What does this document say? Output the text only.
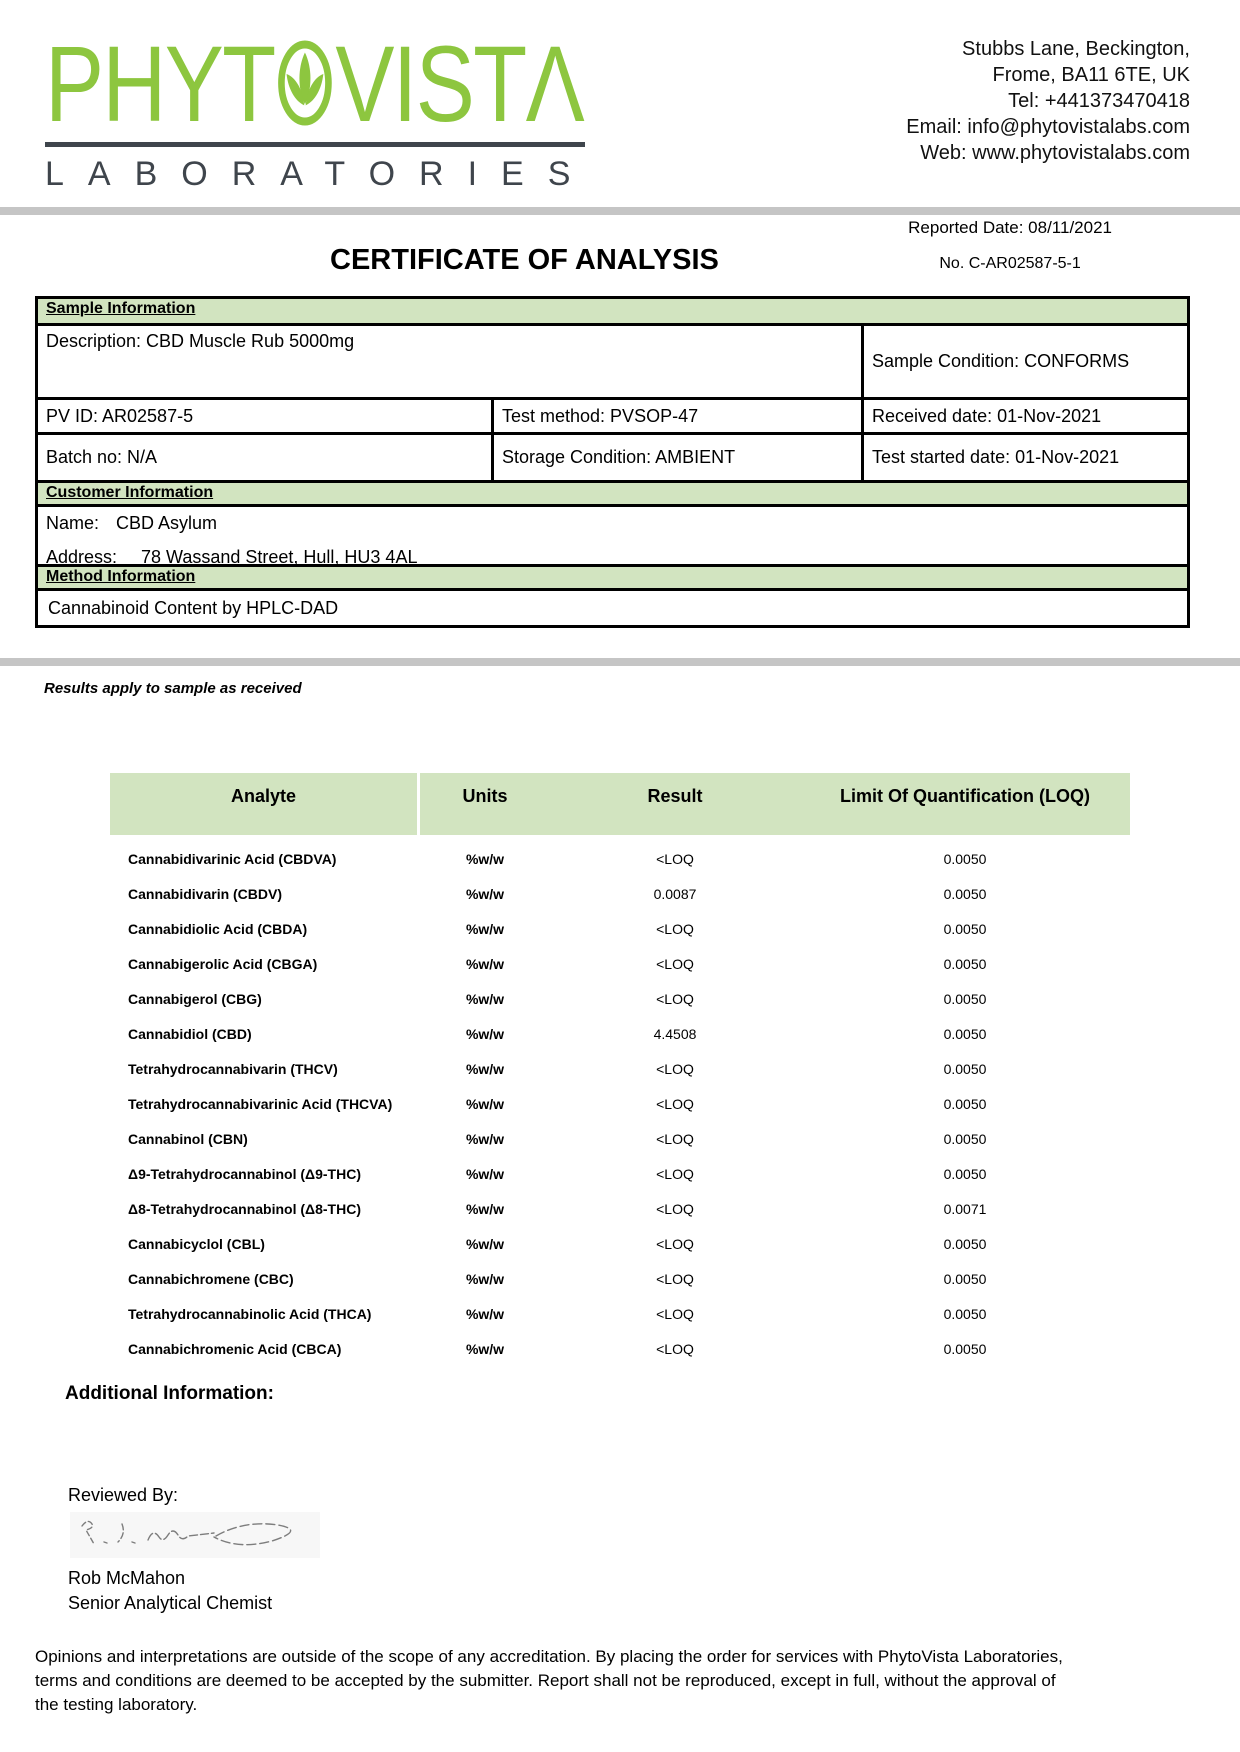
PHYT VISTΛ
LABORATORIES
Stubbs Lane, Beckington,
Frome, BA11 6TE, UK
Tel: +441373470418
Email: info@phytovistalabs.com
Web: www.phytovistalabs.com
Reported Date: 08/11/2021
No. C-AR02587-5-1
CERTIFICATE OF ANALYSIS
Sample Information
Description: CBD Muscle Rub 5000mg
Sample Condition: CONFORMS
PV ID: AR02587-5	Test method: PVSOP-47	Received date: 01-Nov-2021
Batch no: N/A	Storage Condition: AMBIENT	Test started date: 01-Nov-2021
Customer Information
Name: CBD Asylum
Address: 78 Wassand Street, Hull, HU3 4AL
Method Information
Cannabinoid Content by HPLC-DAD
Results apply to sample as received
Analyte	Units	Result	Limit Of Quantification (LOQ)
Cannabidivarinic Acid (CBDVA)	%w/w	<LOQ	0.0050
Cannabidivarin (CBDV)	%w/w	0.0087	0.0050
Cannabidiolic Acid (CBDA)	%w/w	<LOQ	0.0050
Cannabigerolic Acid (CBGA)	%w/w	<LOQ	0.0050
Cannabigerol (CBG)	%w/w	<LOQ	0.0050
Cannabidiol (CBD)	%w/w	4.4508	0.0050
Tetrahydrocannabivarin (THCV)	%w/w	<LOQ	0.0050
Tetrahydrocannabivarinic Acid (THCVA)	%w/w	<LOQ	0.0050
Cannabinol (CBN)	%w/w	<LOQ	0.0050
Δ9-Tetrahydrocannabinol (Δ9-THC)	%w/w	<LOQ	0.0050
Δ8-Tetrahydrocannabinol (Δ8-THC)	%w/w	<LOQ	0.0071
Cannabicyclol (CBL)	%w/w	<LOQ	0.0050
Cannabichromene (CBC)	%w/w	<LOQ	0.0050
Tetrahydrocannabinolic Acid (THCA)	%w/w	<LOQ	0.0050
Cannabichromenic Acid (CBCA)	%w/w	<LOQ	0.0050
Additional Information:
Reviewed By:
Rob McMahon
Senior Analytical Chemist
Opinions and interpretations are outside of the scope of any accreditation. By placing the order for services with PhytoVista Laboratories,
terms and conditions are deemed to be accepted by the submitter. Report shall not be reproduced, except in full, without the approval of
the testing laboratory.
